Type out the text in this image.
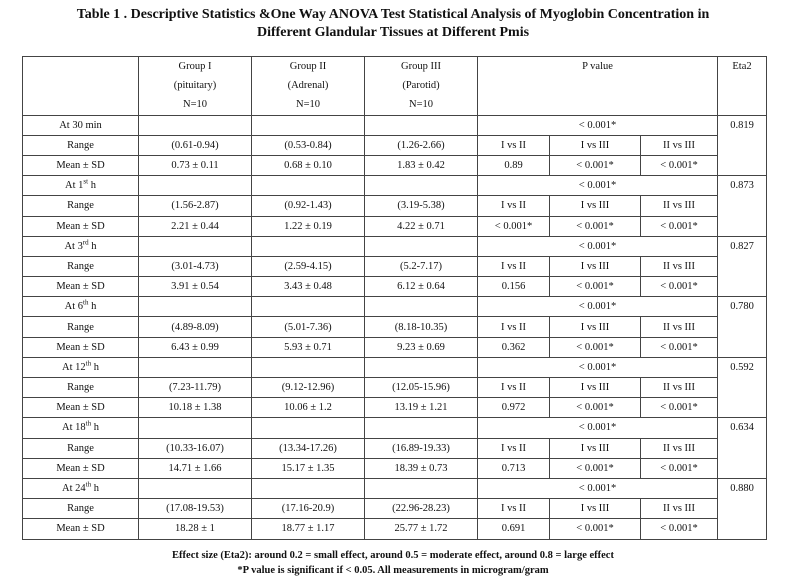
Table 1 . Descriptive Statistics &One Way ANOVA Test Statistical Analysis of Myoglobin Concentration in
Different Glandular Tissues at Different Pmis
	Group I	Group II	Group III	P value			Eta2
	(pituitary)	(Adrenal)	(Parotid)				
	N=10	N=10	N=10				
At 30 min				< 0.001*			0.819
Range	(0.61-0.94)	(0.53-0.84)	(1.26-2.66)	I vs II	I vs III	II vs III	
Mean ± SD	0.73 ± 0.11	0.68 ± 0.10	1.83 ± 0.42	0.89	< 0.001*	< 0.001*	
At 1st h				< 0.001*			0.873
Range	(1.56-2.87)	(0.92-1.43)	(3.19-5.38)	I vs II	I vs III	II vs III	
Mean ± SD	2.21 ± 0.44	1.22 ± 0.19	4.22 ± 0.71	< 0.001*	< 0.001*	< 0.001*	
At 3rd h				< 0.001*			0.827
Range	(3.01-4.73)	(2.59-4.15)	(5.2-7.17)	I vs II	I vs III	II vs III	
Mean ± SD	3.91 ± 0.54	3.43 ± 0.48	6.12 ± 0.64	0.156	< 0.001*	< 0.001*	
At 6th h				< 0.001*			0.780
Range	(4.89-8.09)	(5.01-7.36)	(8.18-10.35)	I vs II	I vs III	II vs III	
Mean ± SD	6.43 ± 0.99	5.93 ± 0.71	9.23 ± 0.69	0.362	< 0.001*	< 0.001*	
At 12th h				< 0.001*			0.592
Range	(7.23-11.79)	(9.12-12.96)	(12.05-15.96)	I vs II	I vs III	II vs III	
Mean ± SD	10.18 ± 1.38	10.06 ± 1.2	13.19 ± 1.21	0.972	< 0.001*	< 0.001*	
At 18th h				< 0.001*			0.634
Range	(10.33-16.07)	(13.34-17.26)	(16.89-19.33)	I vs II	I vs III	II vs III	
Mean ± SD	14.71 ± 1.66	15.17 ± 1.35	18.39 ± 0.73	0.713	< 0.001*	< 0.001*	
At 24th h				< 0.001*			0.880
Range	(17.08-19.53)	(17.16-20.9)	(22.96-28.23)	I vs II	I vs III	II vs III	
Mean ± SD	18.28 ± 1	18.77 ± 1.17	25.77 ± 1.72	0.691	< 0.001*	< 0.001*	
Effect size (Eta2): around 0.2 = small effect, around 0.5 = moderate effect, around 0.8 = large effect
*P value is significant if < 0.05. All measurements in microgram/gram
